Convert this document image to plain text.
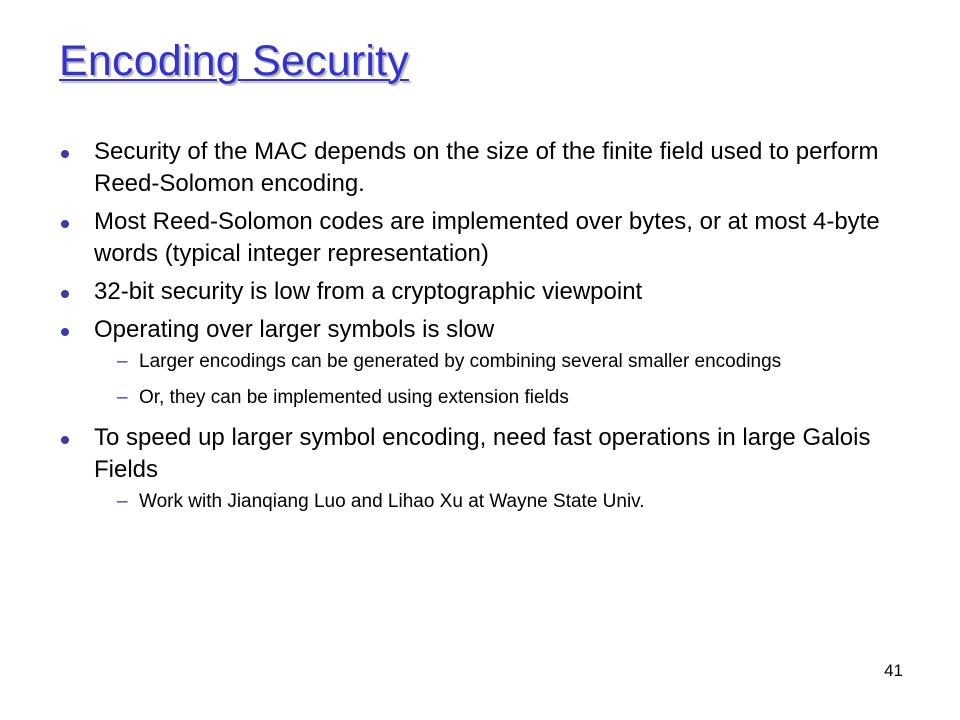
Encoding Security
Security of the MAC depends on the size of the finite field used to perform Reed-Solomon encoding.
Most Reed-Solomon codes are implemented over bytes, or at most 4-byte words (typical integer representation)
32-bit security is low from a cryptographic viewpoint
Operating over larger symbols is slow
– Larger encodings can be generated by combining several smaller encodings
– Or, they can be implemented using extension fields
To speed up larger symbol encoding, need fast operations in large Galois Fields
– Work with Jianqiang Luo and Lihao Xu at Wayne State Univ.
41
